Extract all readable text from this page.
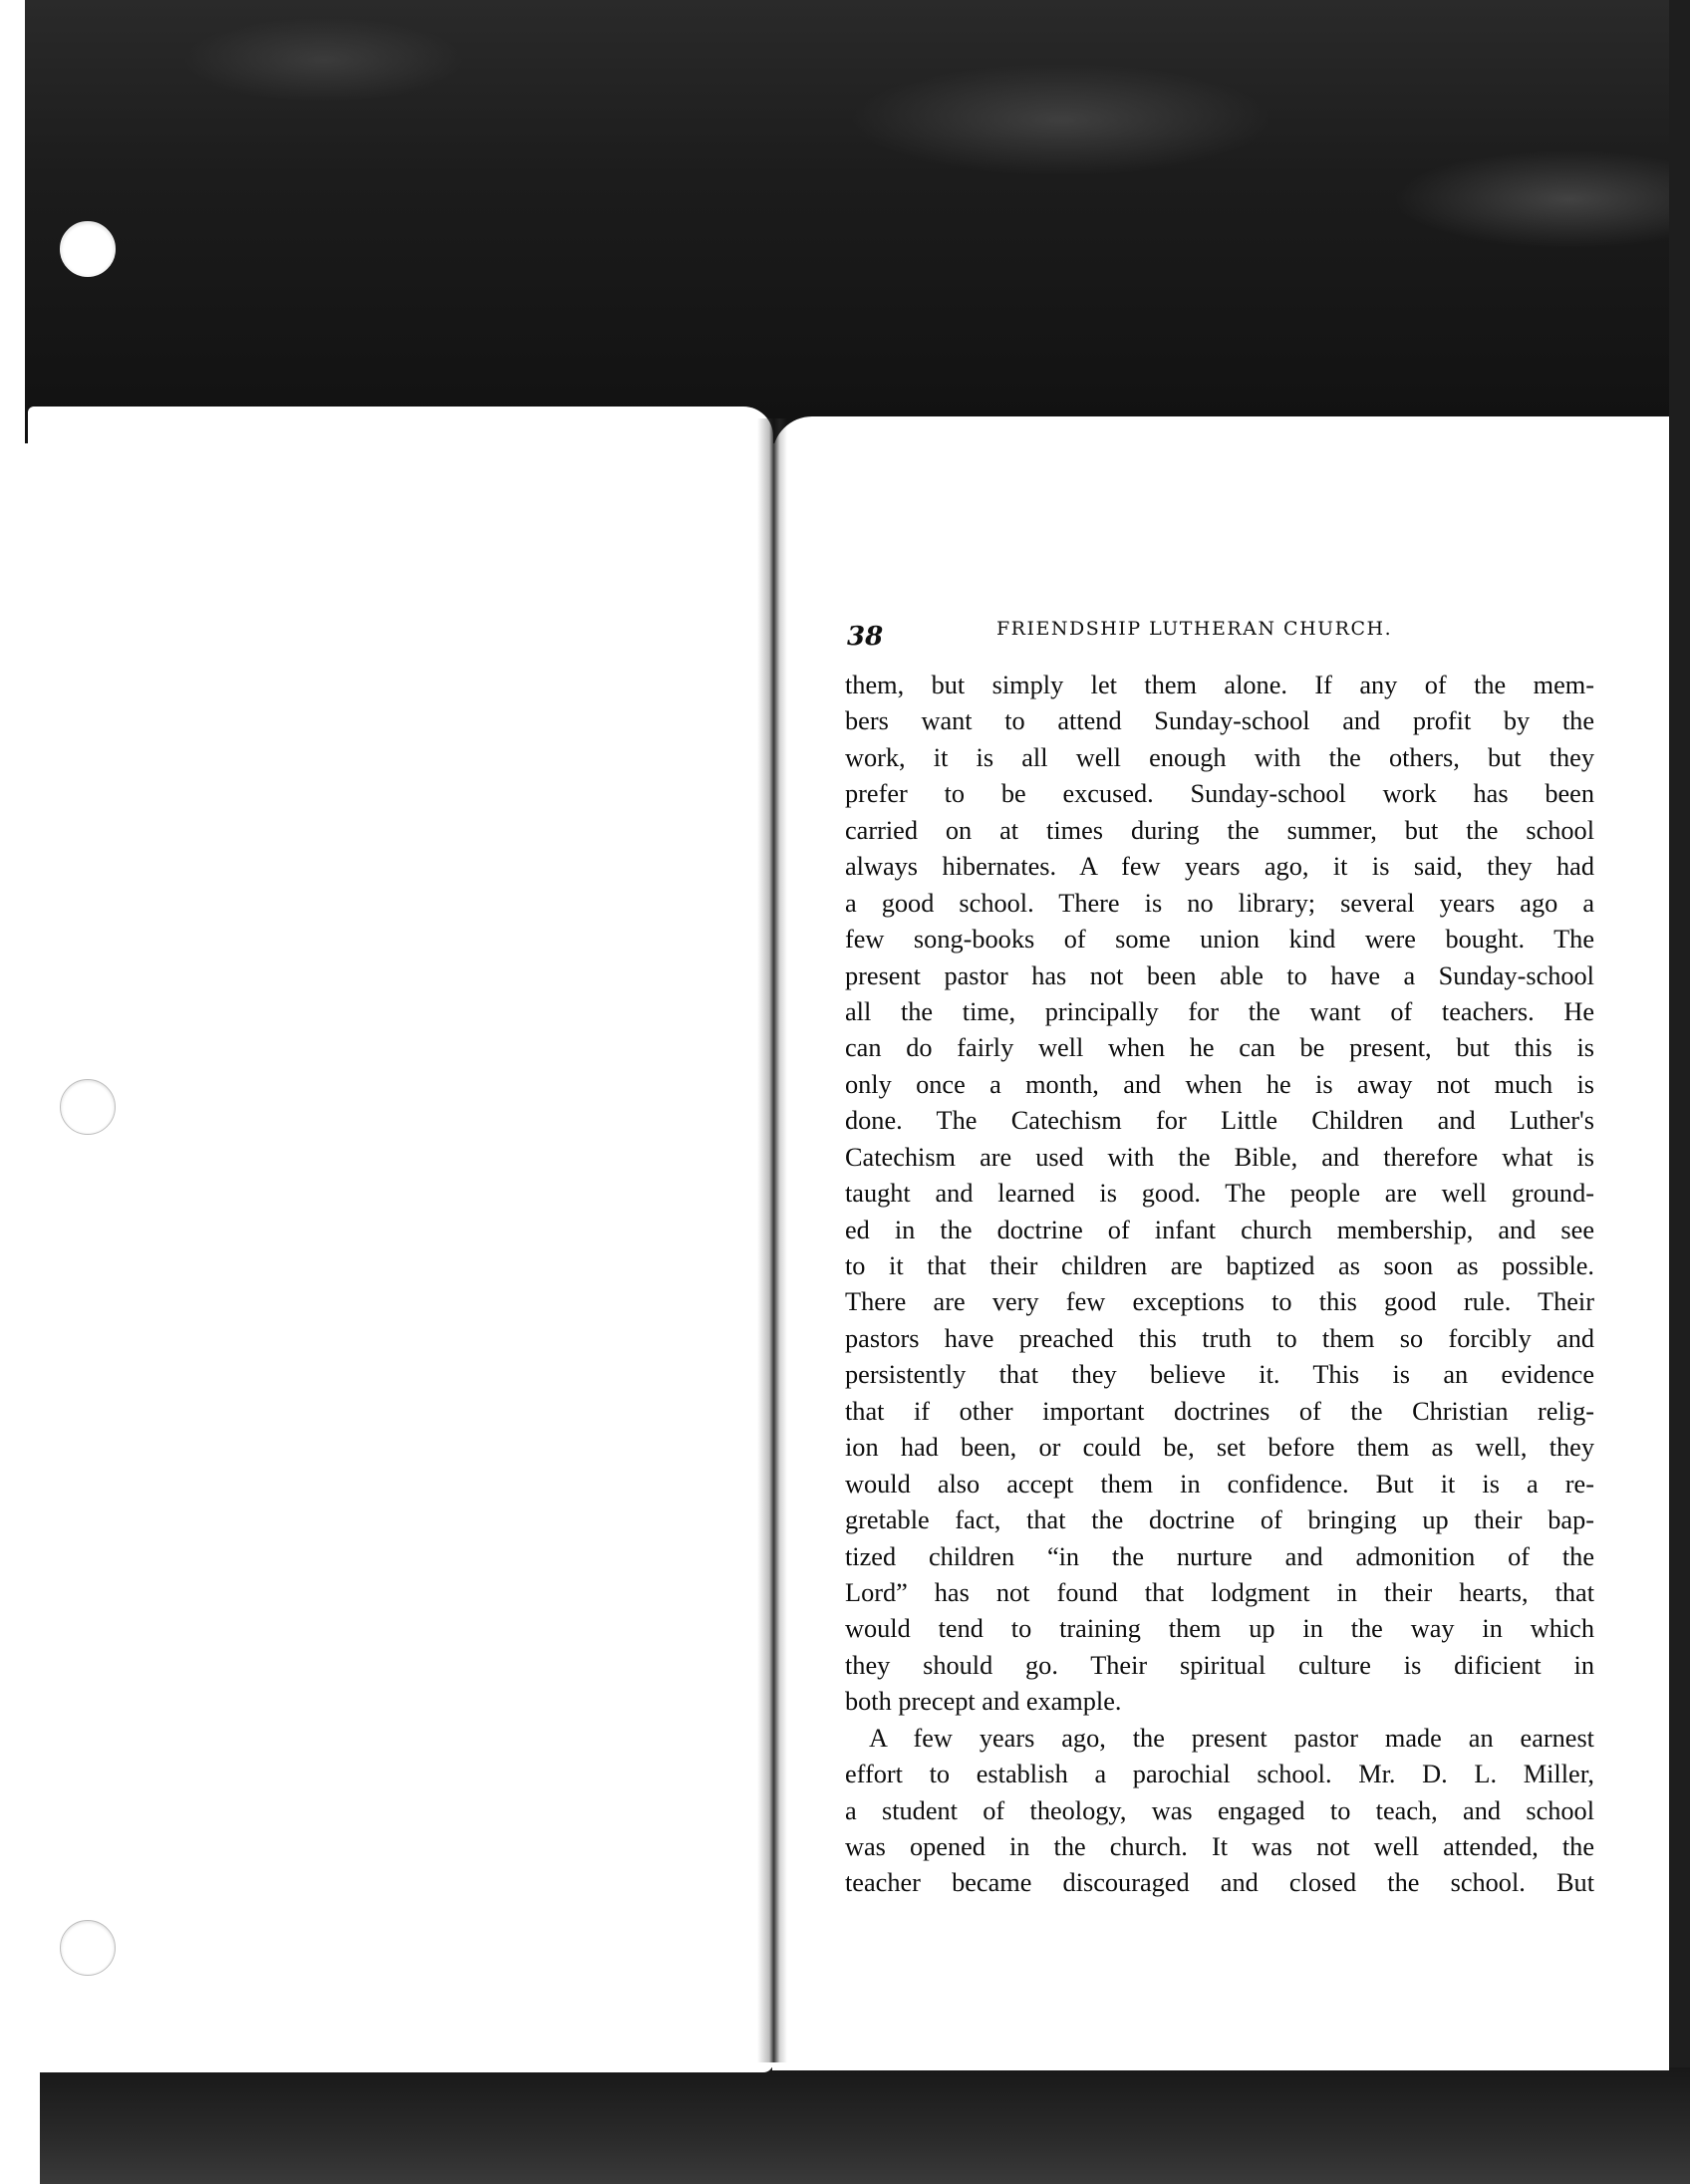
38	FRIENDSHIP LUTHERAN CHURCH.
them, but simply let them alone. If any of the mem-
bers want to attend Sunday-school and profit by the
work, it is all well enough with the others, but they
prefer to be excused. Sunday-school work has been
carried on at times during the summer, but the school
always hibernates. A few years ago, it is said, they had
a good school. There is no library; several years ago a
few song-books of some union kind were bought. The
present pastor has not been able to have a Sunday-school
all the time, principally for the want of teachers. He
can do fairly well when he can be present, but this is
only once a month, and when he is away not much is
done. The Catechism for Little Children and Luther's
Catechism are used with the Bible, and therefore what is
taught and learned is good. The people are well ground-
ed in the doctrine of infant church membership, and see
to it that their children are baptized as soon as possible.
There are very few exceptions to this good rule. Their
pastors have preached this truth to them so forcibly and
persistently that they believe it. This is an evidence
that if other important doctrines of the Christian relig-
ion had been, or could be, set before them as well, they
would also accept them in confidence. But it is a re-
gretable fact, that the doctrine of bringing up their bap-
tized children “in the nurture and admonition of the
Lord” has not found that lodgment in their hearts, that
would tend to training them up in the way in which
they should go. Their spiritual culture is dificient in
both precept and example.
A few years ago, the present pastor made an earnest
effort to establish a parochial school. Mr. D. L. Miller,
a student of theology, was engaged to teach, and school
was opened in the church. It was not well attended, the
teacher became discouraged and closed the school. But
